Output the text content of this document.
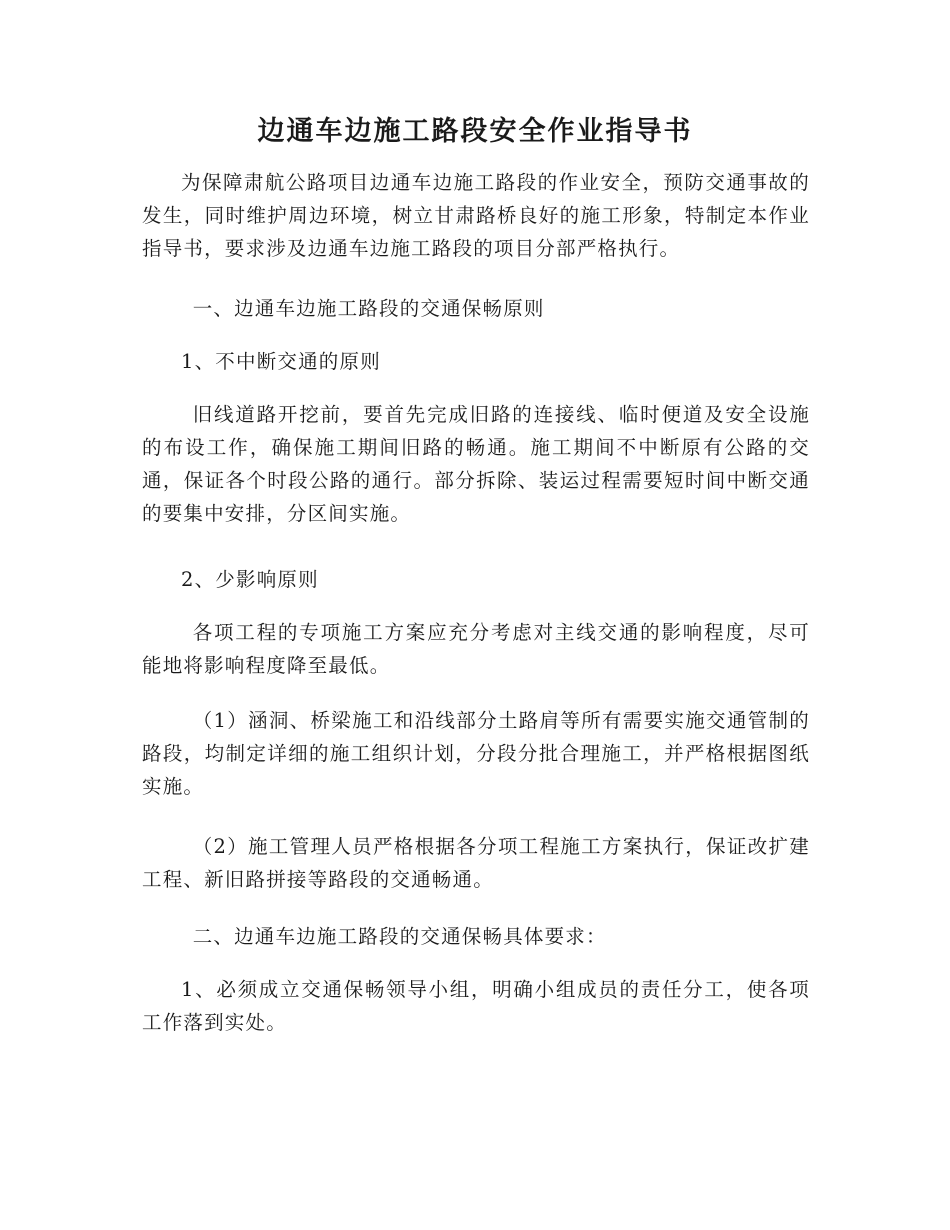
边通车边施工路段安全作业指导书

为保障肃航公路项目边通车边施工路段的作业安全，预防交通事故的发生，同时维护周边环境，树立甘肃路桥良好的施工形象，特制定本作业指导书，要求涉及边通车边施工路段的项目分部严格执行。

一、边通车边施工路段的交通保畅原则

1、不中断交通的原则

旧线道路开挖前，要首先完成旧路的连接线、临时便道及安全设施的布设工作，确保施工期间旧路的畅通。施工期间不中断原有公路的交通，保证各个时段公路的通行。部分拆除、装运过程需要短时间中断交通的要集中安排，分区间实施。

2、少影响原则

各项工程的专项施工方案应充分考虑对主线交通的影响程度，尽可能地将影响程度降至最低。

（1）涵洞、桥梁施工和沿线部分土路肩等所有需要实施交通管制的路段，均制定详细的施工组织计划，分段分批合理施工，并严格根据图纸实施。

（2）施工管理人员严格根据各分项工程施工方案执行，保证改扩建工程、新旧路拼接等路段的交通畅通。

二、边通车边施工路段的交通保畅具体要求：

1、必须成立交通保畅领导小组，明确小组成员的责任分工，使各项工作落到实处。
